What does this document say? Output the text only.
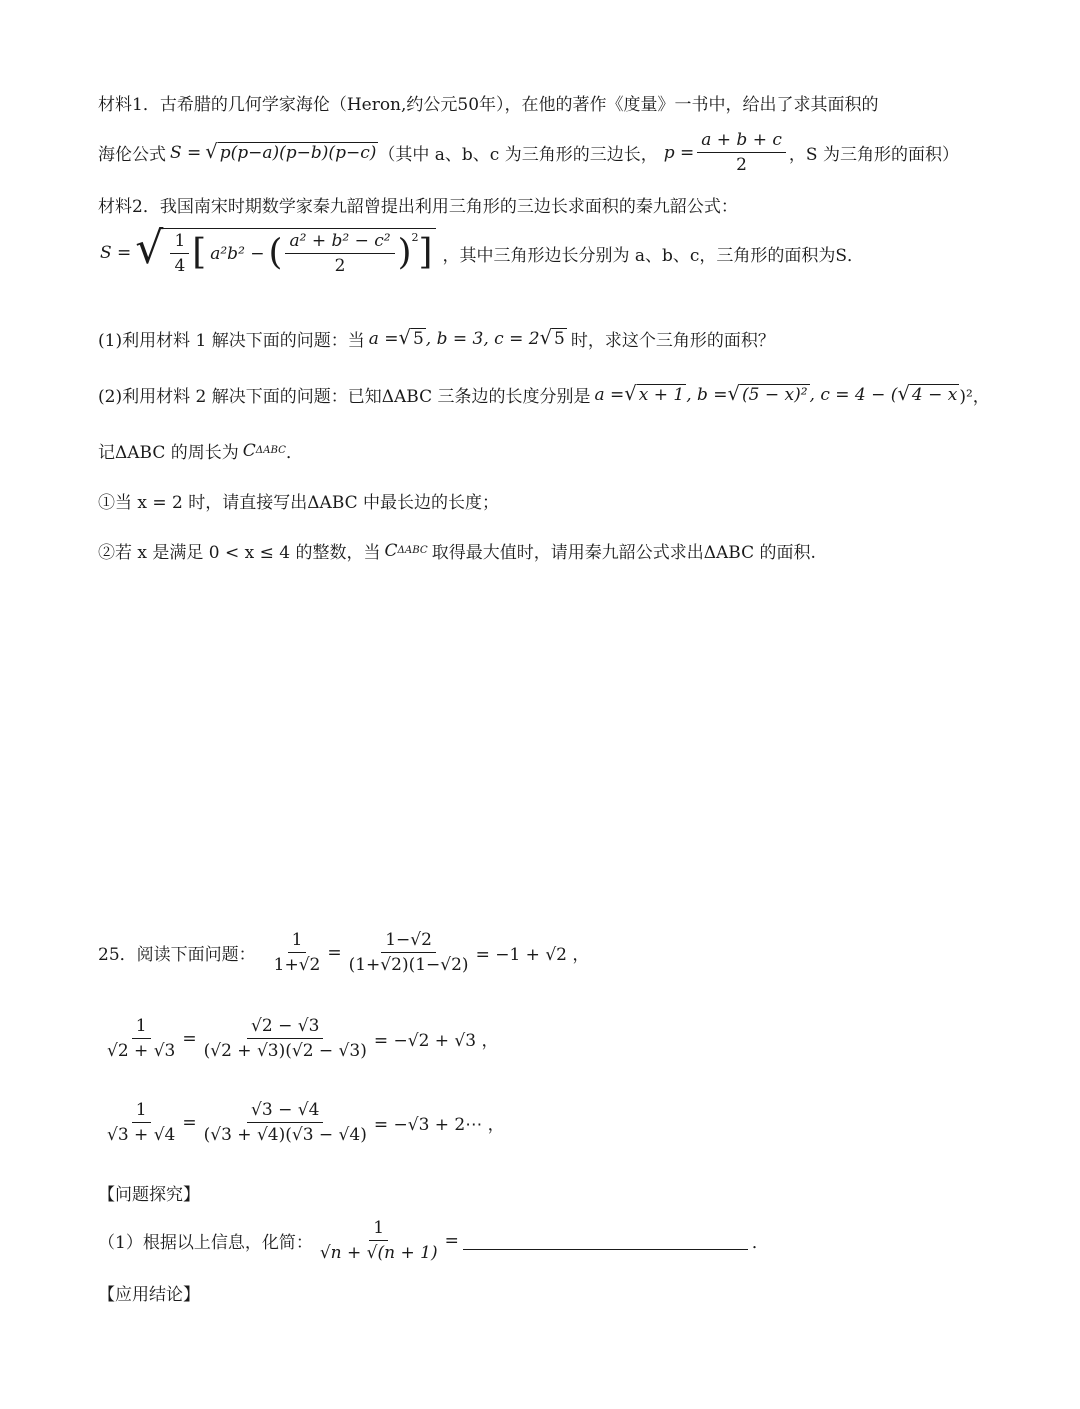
材料1．古希腊的几何学家海伦（Heron,约公元50年），在他的著作《度量》一书中，给出了求其面积的
海伦公式 S = √ p(p−a)(p−b)(p−c) （其中 a、b、c 为三角形的三边长， $p = \frac{a + b + c}{2}$ ，S 为三角形的面积）
材料2．我国南宋时期数学家秦九韶曾提出利用三角形的三边长求面积的秦九韶公式：
S = √ $\frac{1}{4}$ [ a²b² − ( $\frac{\text{a² + b² − c²}}{2} )^2$ ] ，其中三角形边长分别为 a、b、c，三角形的面积为S．
(1)利用材料 1 解决下面的问题：当 a = √ 5 , b = 3, c = 2 √ 5 时，求这个三角形的面积？
(2)利用材料 2 解决下面的问题：已知ΔABC 三条边的长度分别是 a = √ x + 1 , b = √ (5 − x)² , c = 4 − ( √ 4 − x )²，
记ΔABC 的周长为 C ΔABC ．
①当 x = 2 时，请直接写出ΔABC 中最长边的长度；
②若 x 是满足 0 < x ≤ 4 的整数，当 C ΔABC 取得最大值时，请用秦九韶公式求出ΔABC 的面积.
25．阅读下面问题： $\frac{1}{1+√2} = \frac{1-√2}{(1+√2)(1-√2)} = -1 + √2$ ，
$\frac{1}{√2 + √3} = \frac{√2 - √3}{(√2 + √3)(√2 - √3)} = -√2 + √3$ ，
$\frac{1}{√3 + √4} = \frac{√3 - √4}{(√3 + √4)(√3 - √4)} = -√3$ + 2⋯ ，
【问题探究】
（1）根据以上信息，化简： $\frac{1}{√n + √(n + 1)}$ =	．
【应用结论】
